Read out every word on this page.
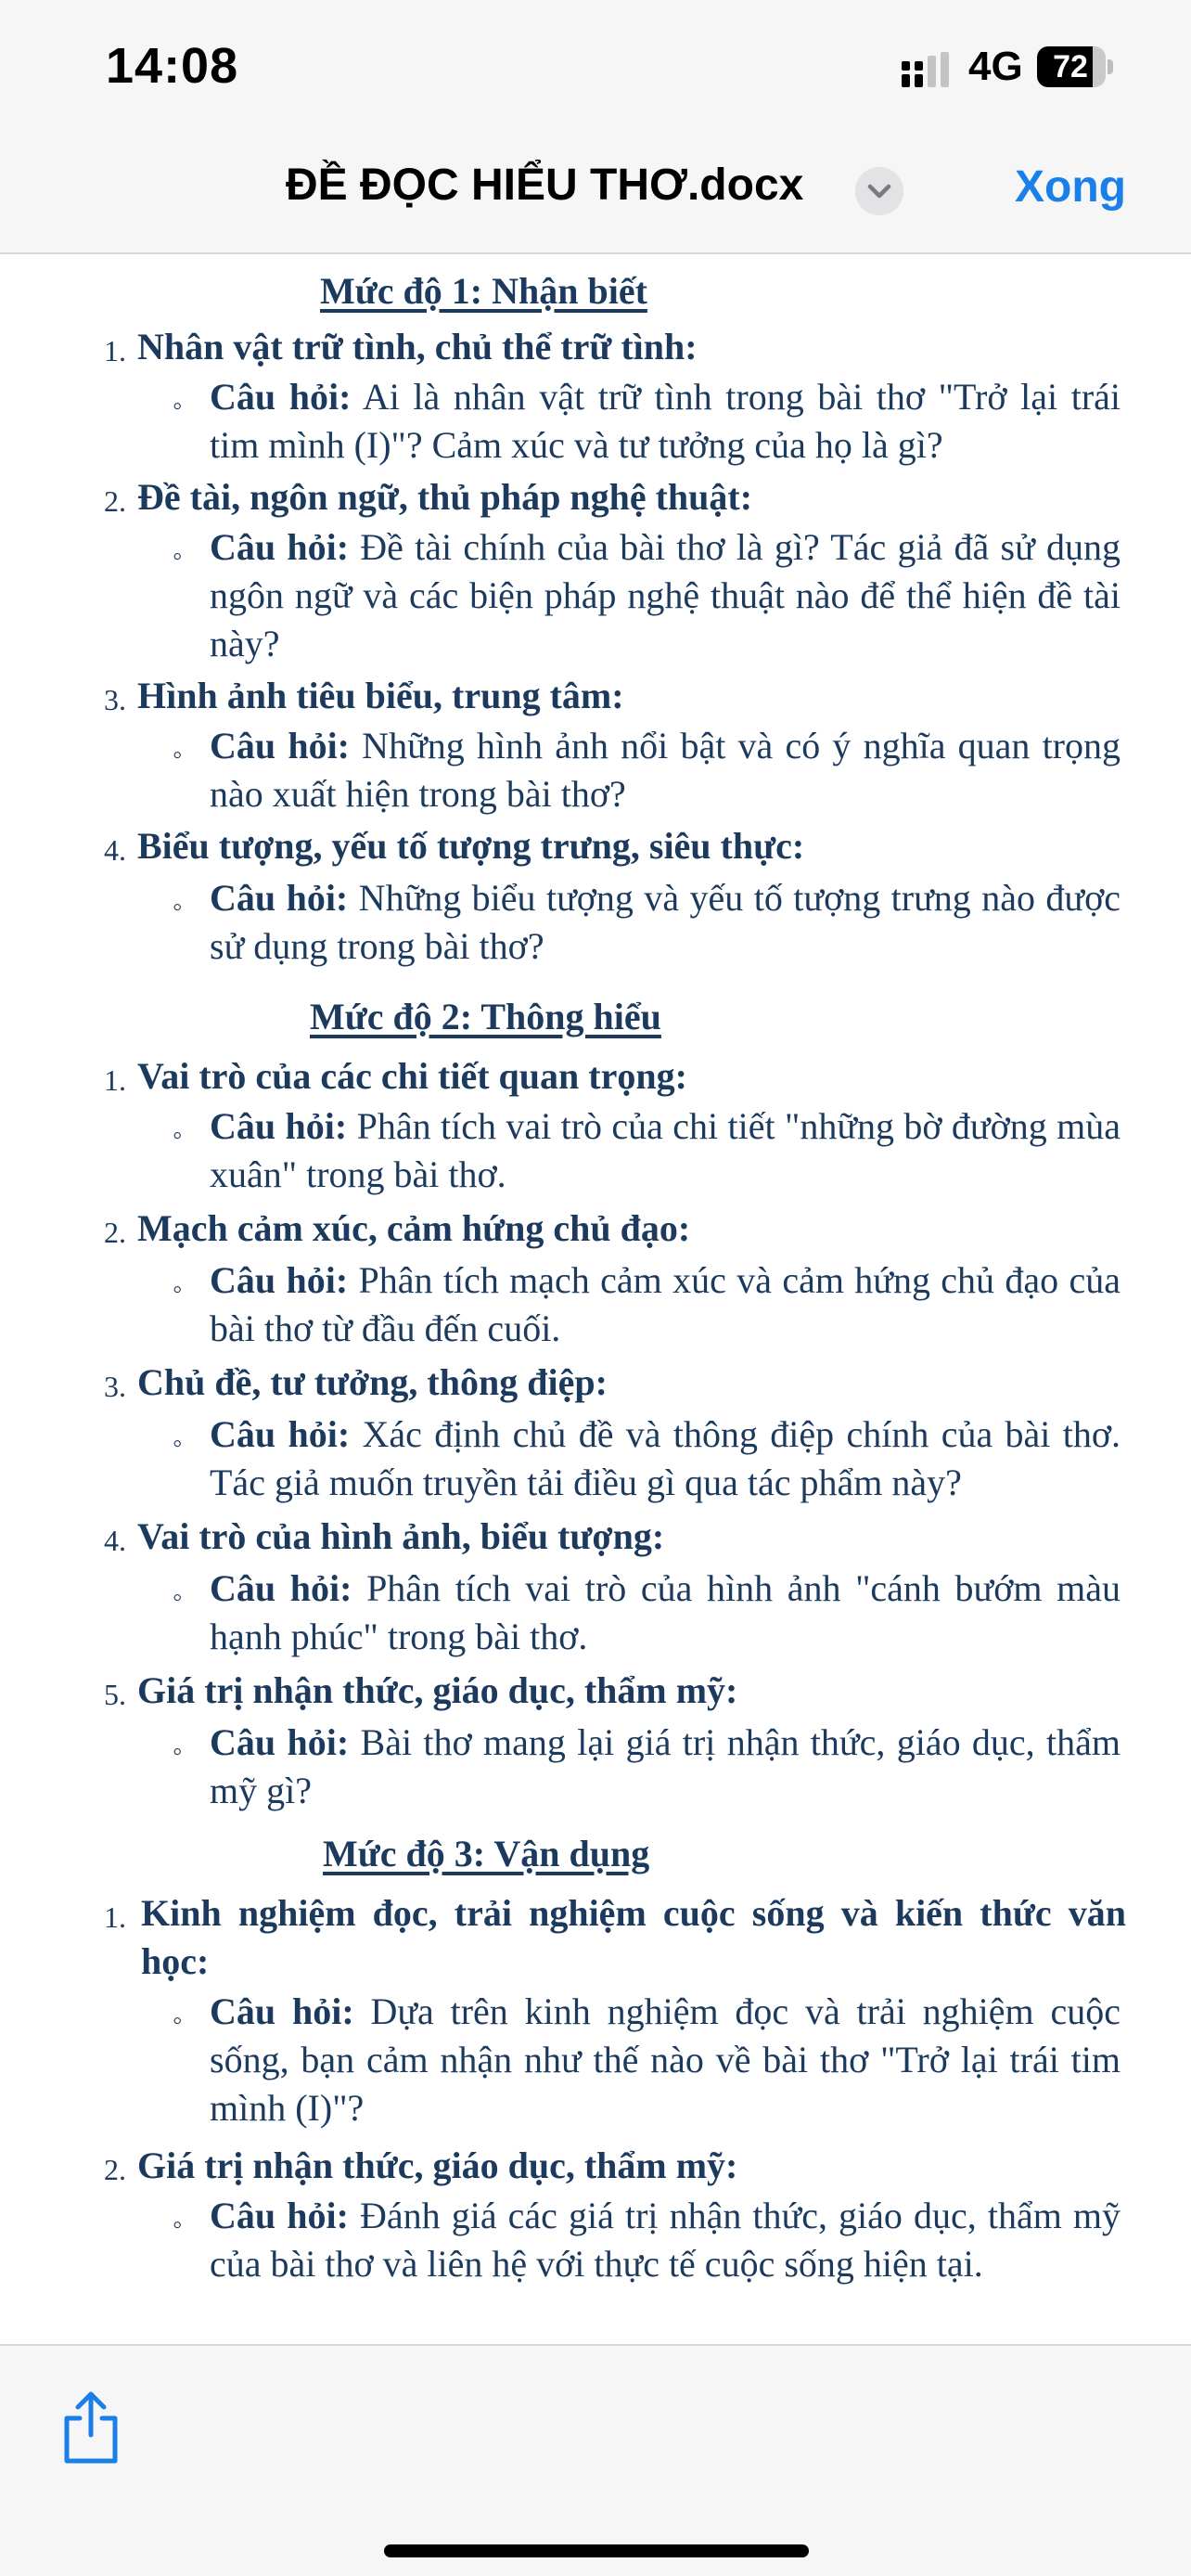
14:08	4G 72
ĐỀ ĐỌC HIỂU THƠ.docx	Xong
Mức độ 1: Nhận biết
1. Nhân vật trữ tình, chủ thể trữ tình:
◦ Câu hỏi: Ai là nhân vật trữ tình trong bài thơ "Trở lại trái tim mình (I)"? Cảm xúc và tư tưởng của họ là gì?
2. Đề tài, ngôn ngữ, thủ pháp nghệ thuật:
◦ Câu hỏi: Đề tài chính của bài thơ là gì? Tác giả đã sử dụng ngôn ngữ và các biện pháp nghệ thuật nào để thể hiện đề tài này?
3. Hình ảnh tiêu biểu, trung tâm:
◦ Câu hỏi: Những hình ảnh nổi bật và có ý nghĩa quan trọng nào xuất hiện trong bài thơ?
4. Biểu tượng, yếu tố tượng trưng, siêu thực:
◦ Câu hỏi: Những biểu tượng và yếu tố tượng trưng nào được sử dụng trong bài thơ?
Mức độ 2: Thông hiểu
1. Vai trò của các chi tiết quan trọng:
◦ Câu hỏi: Phân tích vai trò của chi tiết "những bờ đường mùa xuân" trong bài thơ.
2. Mạch cảm xúc, cảm hứng chủ đạo:
◦ Câu hỏi: Phân tích mạch cảm xúc và cảm hứng chủ đạo của bài thơ từ đầu đến cuối.
3. Chủ đề, tư tưởng, thông điệp:
◦ Câu hỏi: Xác định chủ đề và thông điệp chính của bài thơ. Tác giả muốn truyền tải điều gì qua tác phẩm này?
4. Vai trò của hình ảnh, biểu tượng:
◦ Câu hỏi: Phân tích vai trò của hình ảnh "cánh bướm màu hạnh phúc" trong bài thơ.
5. Giá trị nhận thức, giáo dục, thẩm mỹ:
◦ Câu hỏi: Bài thơ mang lại giá trị nhận thức, giáo dục, thẩm mỹ gì?
Mức độ 3: Vận dụng
1. Kinh nghiệm đọc, trải nghiệm cuộc sống và kiến thức văn học:
◦ Câu hỏi: Dựa trên kinh nghiệm đọc và trải nghiệm cuộc sống, bạn cảm nhận như thế nào về bài thơ "Trở lại trái tim mình (I)"?
2. Giá trị nhận thức, giáo dục, thẩm mỹ:
◦ Câu hỏi: Đánh giá các giá trị nhận thức, giáo dục, thẩm mỹ của bài thơ và liên hệ với thực tế cuộc sống hiện tại.
